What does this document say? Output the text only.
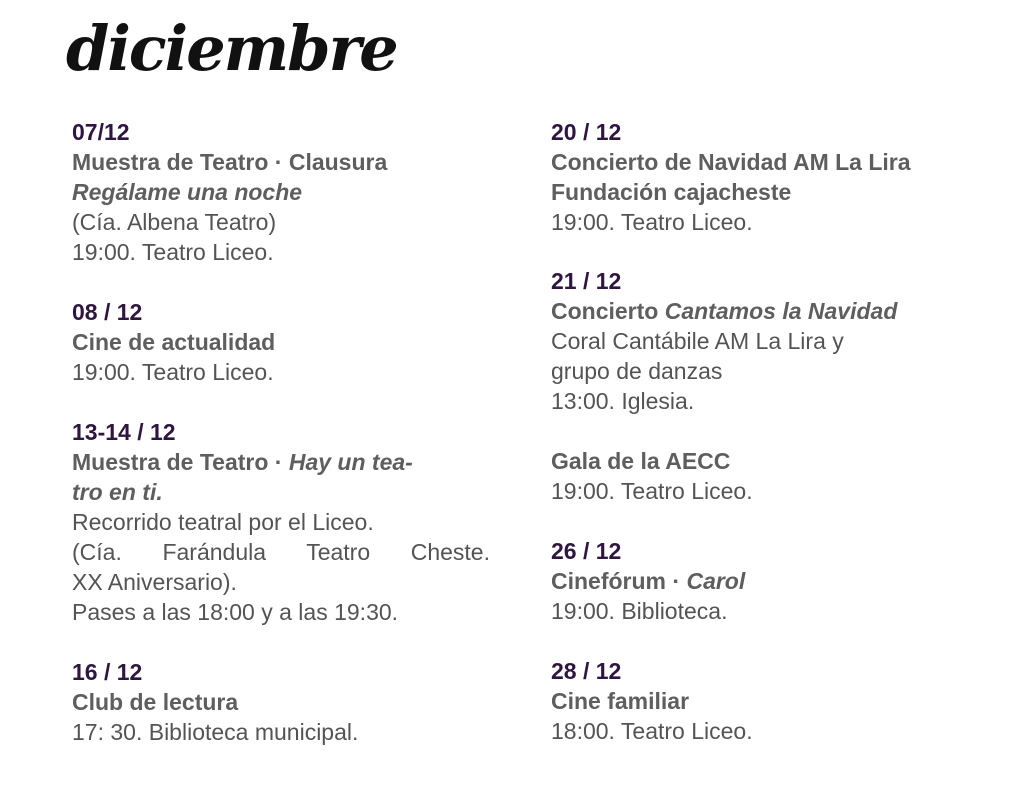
diciembre
07/12
Muestra de Teatro · Clausura
Regálame una noche
(Cía. Albena Teatro)
19:00. Teatro Liceo.
08 / 12
Cine de actualidad
19:00. Teatro Liceo.
13-14 / 12
Muestra de Teatro · Hay un tea-
tro en ti.
Recorrido teatral por el Liceo.
(Cía. Farándula Teatro Cheste.
XX Aniversario).
Pases a las 18:00 y a las 19:30.
16 / 12
Club de lectura
17: 30. Biblioteca municipal.
20 / 12
Concierto de Navidad AM La Lira
Fundación cajacheste
19:00. Teatro Liceo.
21 / 12
Concierto Cantamos la Navidad
Coral Cantábile AM La Lira y
grupo de danzas
13:00. Iglesia.
Gala de la AECC
19:00. Teatro Liceo.
26 / 12
Cinefórum · Carol
19:00. Biblioteca.
28 / 12
Cine familiar
18:00. Teatro Liceo.
